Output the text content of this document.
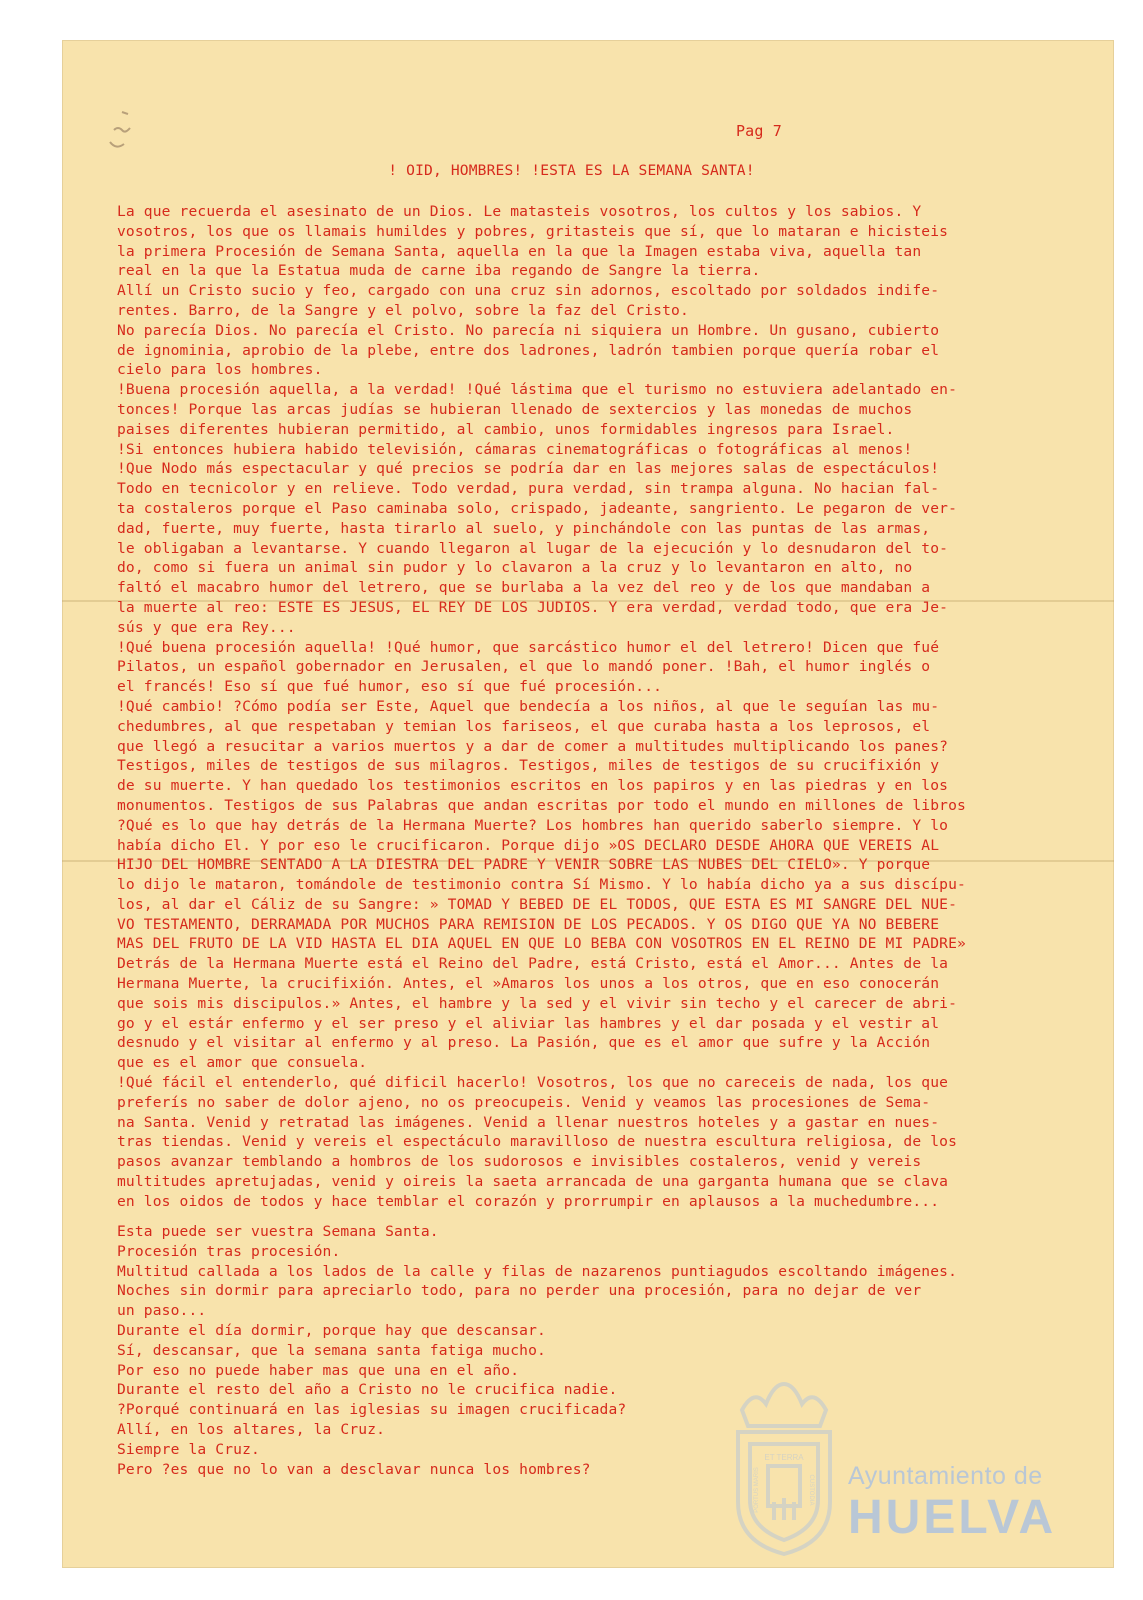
Pag 7
! OID, HOMBRES! !ESTA ES LA SEMANA SANTA!
La que recuerda el asesinato de un Dios. Le matasteis vosotros, los cultos y los sabios. Y
vosotros, los que os llamais humildes y pobres, gritasteis que sí, que lo mataran e hicisteis
la primera Procesión de Semana Santa, aquella en la que la Imagen estaba viva, aquella tan
real en la que la Estatua muda de carne iba regando de Sangre la tierra.
Allí un Cristo sucio y feo, cargado con una cruz sin adornos, escoltado por soldados indife-
rentes. Barro, de la Sangre y el polvo, sobre la faz del Cristo.
No parecía Dios. No parecía el Cristo. No parecía ni siquiera un Hombre. Un gusano, cubierto
de ignominia, aprobio de la plebe, entre dos ladrones, ladrón tambien porque quería robar el
cielo para los hombres.
!Buena procesión aquella, a la verdad! !Qué lástima que el turismo no estuviera adelantado en-
tonces! Porque las arcas judías se hubieran llenado de sextercios y las monedas de muchos
paises diferentes hubieran permitido, al cambio, unos formidables ingresos para Israel.
!Si entonces hubiera habido televisión, cámaras cinematográficas o fotográficas al menos!
!Que Nodo más espectacular y qué precios se podría dar en las mejores salas de espectáculos!
Todo en tecnicolor y en relieve. Todo verdad, pura verdad, sin trampa alguna. No hacian fal-
ta costaleros porque el Paso caminaba solo, crispado, jadeante, sangriento. Le pegaron de ver-
dad, fuerte, muy fuerte, hasta tirarlo al suelo, y pinchándole con las puntas de las armas,
le obligaban a levantarse. Y cuando llegaron al lugar de la ejecución y lo desnudaron del to-
do, como si fuera un animal sin pudor y lo clavaron a la cruz y lo levantaron en alto, no
faltó el macabro humor del letrero, que se burlaba a la vez del reo y de los que mandaban a
la muerte al reo: ESTE ES JESUS, EL REY DE LOS JUDIOS. Y era verdad, verdad todo, que era Je-
sús y que era Rey...
!Qué buena procesión aquella! !Qué humor, que sarcástico humor el del letrero! Dicen que fué
Pilatos, un español gobernador en Jerusalen, el que lo mandó poner. !Bah, el humor inglés o
el francés! Eso sí que fué humor, eso sí que fué procesión...
!Qué cambio! ?Cómo podía ser Este, Aquel que bendecía a los niños, al que le seguían las mu-
chedumbres, al que respetaban y temian los fariseos, el que curaba hasta a los leprosos, el
que llegó a resucitar a varios muertos y a dar de comer a multitudes multiplicando los panes?
Testigos, miles de testigos de sus milagros. Testigos, miles de testigos de su crucifixión y
de su muerte. Y han quedado los testimonios escritos en los papiros y en las piedras y en los
monumentos. Testigos de sus Palabras que andan escritas por todo el mundo en millones de libros
?Qué es lo que hay detrás de la Hermana Muerte? Los hombres han querido saberlo siempre. Y lo
había dicho El. Y por eso le crucificaron. Porque dijo »OS DECLARO DESDE AHORA QUE VEREIS AL
HIJO DEL HOMBRE SENTADO A LA DIESTRA DEL PADRE Y VENIR SOBRE LAS NUBES DEL CIELO». Y porque
lo dijo le mataron, tomándole de testimonio contra Sí Mismo. Y lo había dicho ya a sus discípu-
los, al dar el Cáliz de su Sangre: » TOMAD Y BEBED DE EL TODOS, QUE ESTA ES MI SANGRE DEL NUE-
VO TESTAMENTO, DERRAMADA POR MUCHOS PARA REMISION DE LOS PECADOS. Y OS DIGO QUE YA NO BEBERE
MAS DEL FRUTO DE LA VID HASTA EL DIA AQUEL EN QUE LO BEBA CON VOSOTROS EN EL REINO DE MI PADRE»
Detrás de la Hermana Muerte está el Reino del Padre, está Cristo, está el Amor... Antes de la
Hermana Muerte, la crucifixión. Antes, el »Amaros los unos a los otros, que en eso conocerán
que sois mis discipulos.» Antes, el hambre y la sed y el vivir sin techo y el carecer de abri-
go y el estár enfermo y el ser preso y el aliviar las hambres y el dar posada y el vestir al
desnudo y el visitar al enfermo y al preso. La Pasión, que es el amor que sufre y la Acción
que es el amor que consuela.
!Qué fácil el entenderlo, qué dificil hacerlo! Vosotros, los que no careceis de nada, los que
preferís no saber de dolor ajeno, no os preocupeis. Venid y veamos las procesiones de Sema-
na Santa. Venid y retratad las imágenes. Venid a llenar nuestros hoteles y a gastar en nues-
tras tiendas. Venid y vereis el espectáculo maravilloso de nuestra escultura religiosa, de los
pasos avanzar temblando a hombros de los sudorosos e invisibles costaleros, venid y vereis
multitudes apretujadas, venid y oireis la saeta arrancada de una garganta humana que se clava
en los oidos de todos y hace temblar el corazón y prorrumpir en aplausos a la muchedumbre...
Esta puede ser vuestra Semana Santa.
Procesión tras procesión.
Multitud callada a los lados de la calle y filas de nazarenos puntiagudos escoltando imágenes.
Noches sin dormir para apreciarlo todo, para no perder una procesión, para no dejar de ver
un paso...
Durante el día dormir, porque hay que descansar.
Sí, descansar, que la semana santa fatiga mucho.
Por eso no puede haber mas que una en el año.
Durante el resto del año a Cristo no le crucifica nadie.
?Porqué continuará en las iglesias su imagen crucificada?
Allí, en los altares, la Cruz.
Siempre la Cruz.
Pero ?es que no lo van a desclavar nunca los hombres?
ET TERRA
PORTUS MARIS	CUSTODIA Ayuntamiento de
HUELVA
